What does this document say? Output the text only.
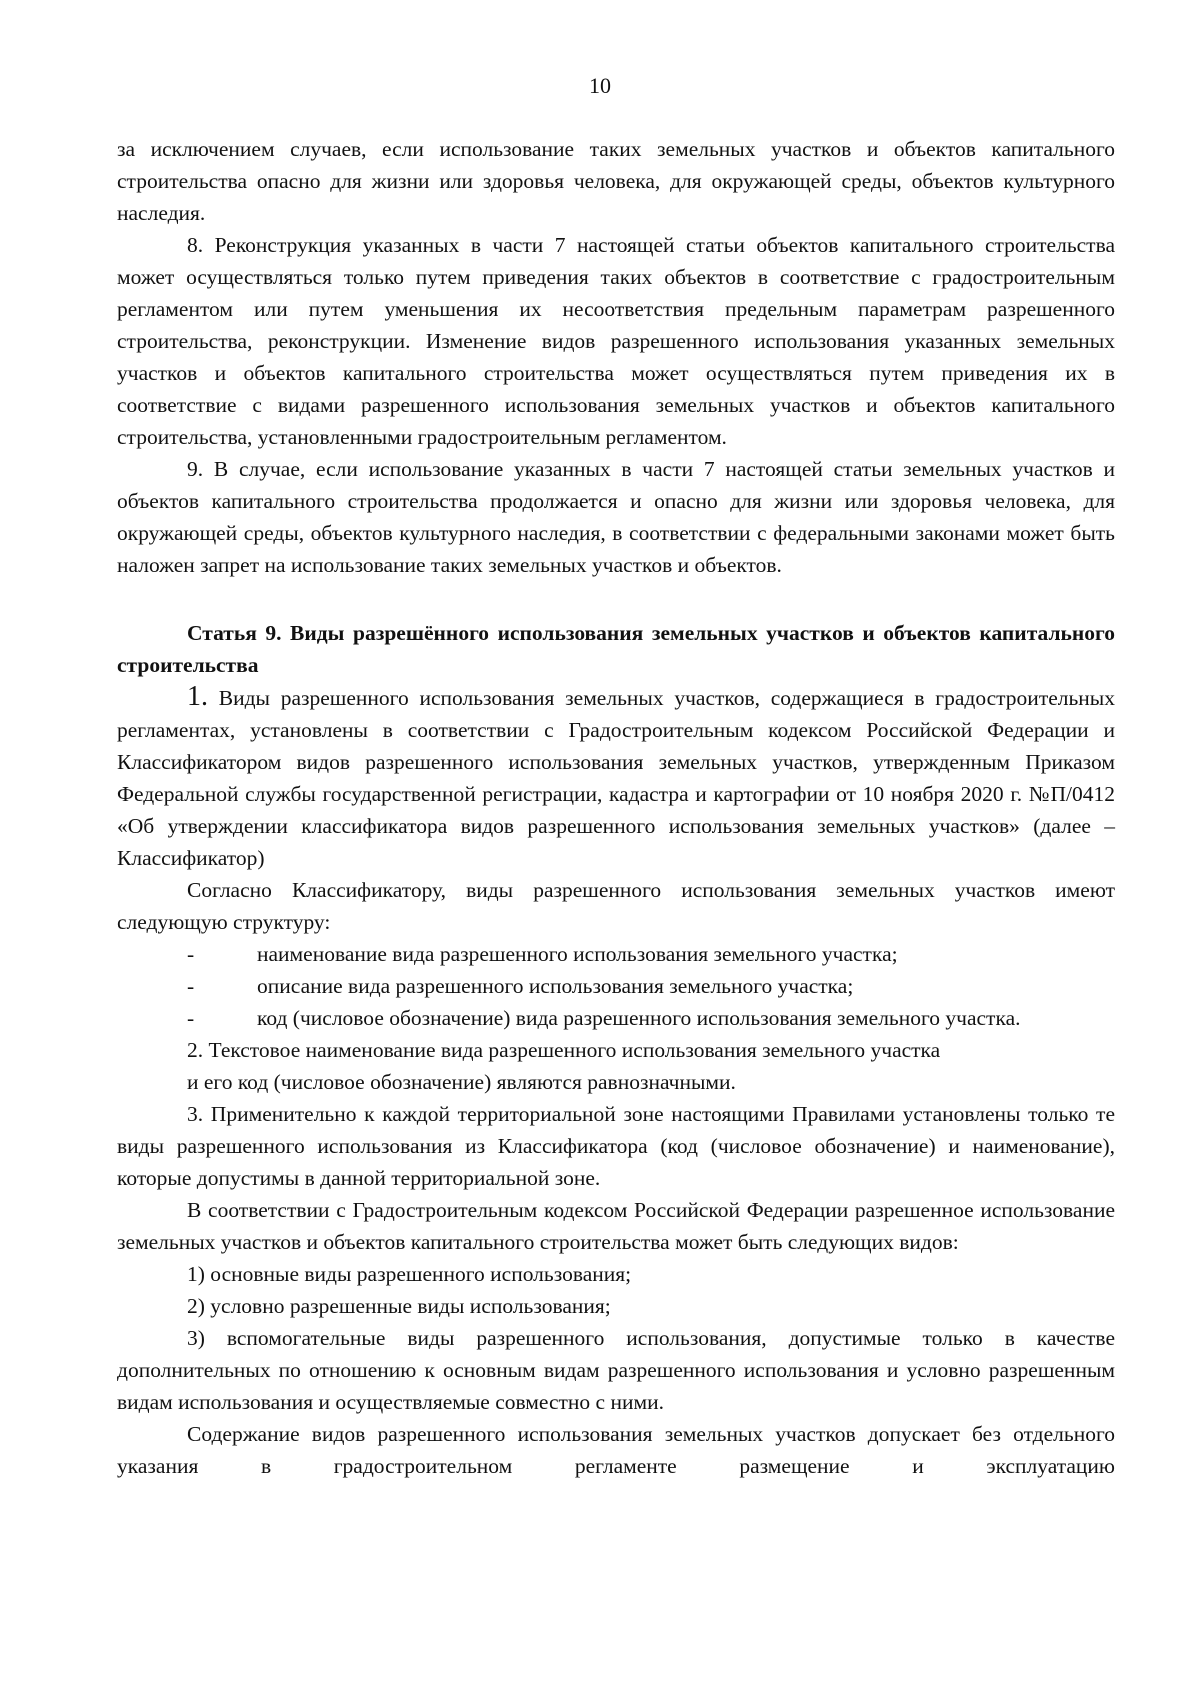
10

за исключением случаев, если использование таких земельных участков и объектов капитального строительства опасно для жизни или здоровья человека, для окружающей среды, объектов культурного наследия.

8. Реконструкция указанных в части 7 настоящей статьи объектов капитального строительства может осуществляться только путем приведения таких объектов в соответствие с градостроительным регламентом или путем уменьшения их несоответствия предельным параметрам разрешенного строительства, реконструкции. Изменение видов разрешенного использования указанных земельных участков и объектов капитального строительства может осуществляться путем приведения их в соответствие с видами разрешенного использования земельных участков и объектов капитального строительства, установленными градостроительным регламентом.

9. В случае, если использование указанных в части 7 настоящей статьи земельных участков и объектов капитального строительства продолжается и опасно для жизни или здоровья человека, для окружающей среды, объектов культурного наследия, в соответствии с федеральными законами может быть наложен запрет на использование таких земельных участков и объектов.

Статья 9. Виды разрешённого использования земельных участков и объектов капитального строительства

1. Виды разрешенного использования земельных участков, содержащиеся в градостроительных регламентах, установлены в соответствии с Градостроительным кодексом Российской Федерации и Классификатором видов разрешенного использования земельных участков, утвержденным Приказом Федеральной службы государственной регистрации, кадастра и картографии от 10 ноября 2020 г. №П/0412 «Об утверждении классификатора видов разрешенного использования земельных участков» (далее –Классификатор)

Согласно Классификатору, виды разрешенного использования земельных участков имеют следующую структуру:

-	наименование вида разрешенного использования земельного участка;

-	описание вида разрешенного использования земельного участка;

-	код (числовое обозначение) вида разрешенного использования земельного участка.

2. Текстовое наименование вида разрешенного использования земельного участка

и его код (числовое обозначение) являются равнозначными.

3. Применительно к каждой территориальной зоне настоящими Правилами установлены только те виды разрешенного использования из Классификатора (код (числовое обозначение) и наименование), которые допустимы в данной территориальной зоне.

В соответствии с Градостроительным кодексом Российской Федерации разрешенное использование земельных участков и объектов капитального строительства может быть следующих видов:

1) основные виды разрешенного использования;

2) условно разрешенные виды использования;

3) вспомогательные виды разрешенного использования, допустимые только в качестве дополнительных по отношению к основным видам разрешенного использования и условно разрешенным видам использования и осуществляемые совместно с ними.

Содержание видов разрешенного использования земельных участков допускает без отдельного указания в градостроительном регламенте размещение и эксплуатацию
